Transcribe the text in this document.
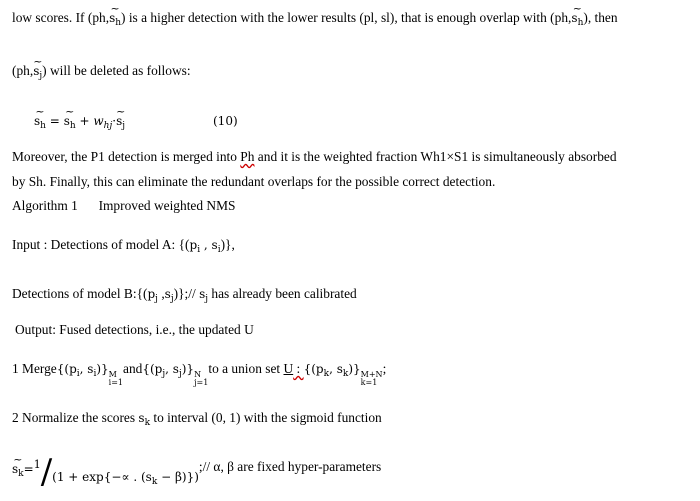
low scores. If (ph,~ $s_h$) is a higher detection with the lower results (pl, sl), that is enough overlap with (ph,~ $s_h$), then
(ph,~ $s_j$) will be deleted as follows:
~ $s_h$ = ~ $s_h$ + $w_{hj}\cdot\sim$ $s_j$	(10)
Moreover, the P1 detection is merged into Ph and it is the weighted fraction Wh1×S1 is simultaneously absorbed
by Sh. Finally, this can eliminate the redundant overlaps for the possible correct detection.
Algorithm 1 Improved weighted NMS
Input : Detections of model A: {($p_i$ , $s_i$)},
Detections of model $B:\{(p_j$ $,s_j)\};//$ $s_j$ has already been calibrated
Output: Fused detections, i.e., the updated U
1 $Merge\{(p_i$, $s_i$)} M
i=1
$and\{(p_j$, $s_j$)} N
j=1
to a union set U : {($p_k$, $s_k$)} M+N
k=1
;
2 Normalize the scores $s_k$ to interval (0, 1) with the sigmoid function
~ $s_k=1/(1 + \exp\{-\propto$ . ($s_k$ − β)});// α, β are fixed hyper-parameters
